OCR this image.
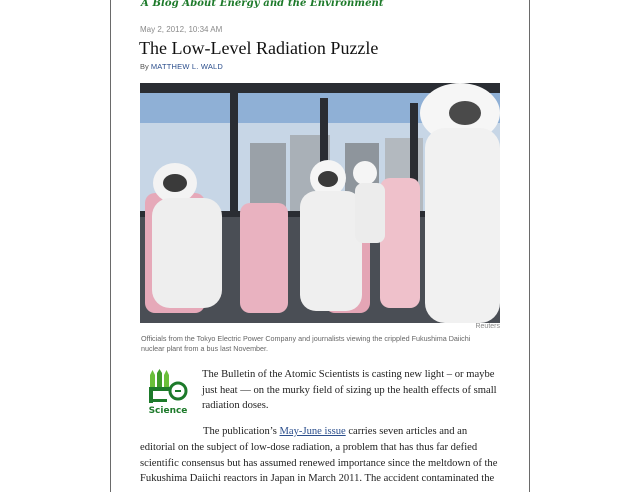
A Blog About Energy and the Environment
May 2, 2012, 10:34 AM
The Low-Level Radiation Puzzle
By MATTHEW L. WALD
Reuters
Officials from the Tokyo Electric Power Company and journalists viewing the crippled Fukushima Daiichi nuclear plant from a bus last November.
Science

The Bulletin of the Atomic Scientists is casting new light – or maybe just heat — on the murky field of sizing up the health effects of small radiation doses.

The publication’s May-June issue carries seven articles and an editorial on the subject of low-dose radiation, a problem that has thus far defied scientific consensus but has assumed renewed importance since the meltdown of the Fukushima Daiichi reactors in Japan in March 2011. The accident contaminated the
